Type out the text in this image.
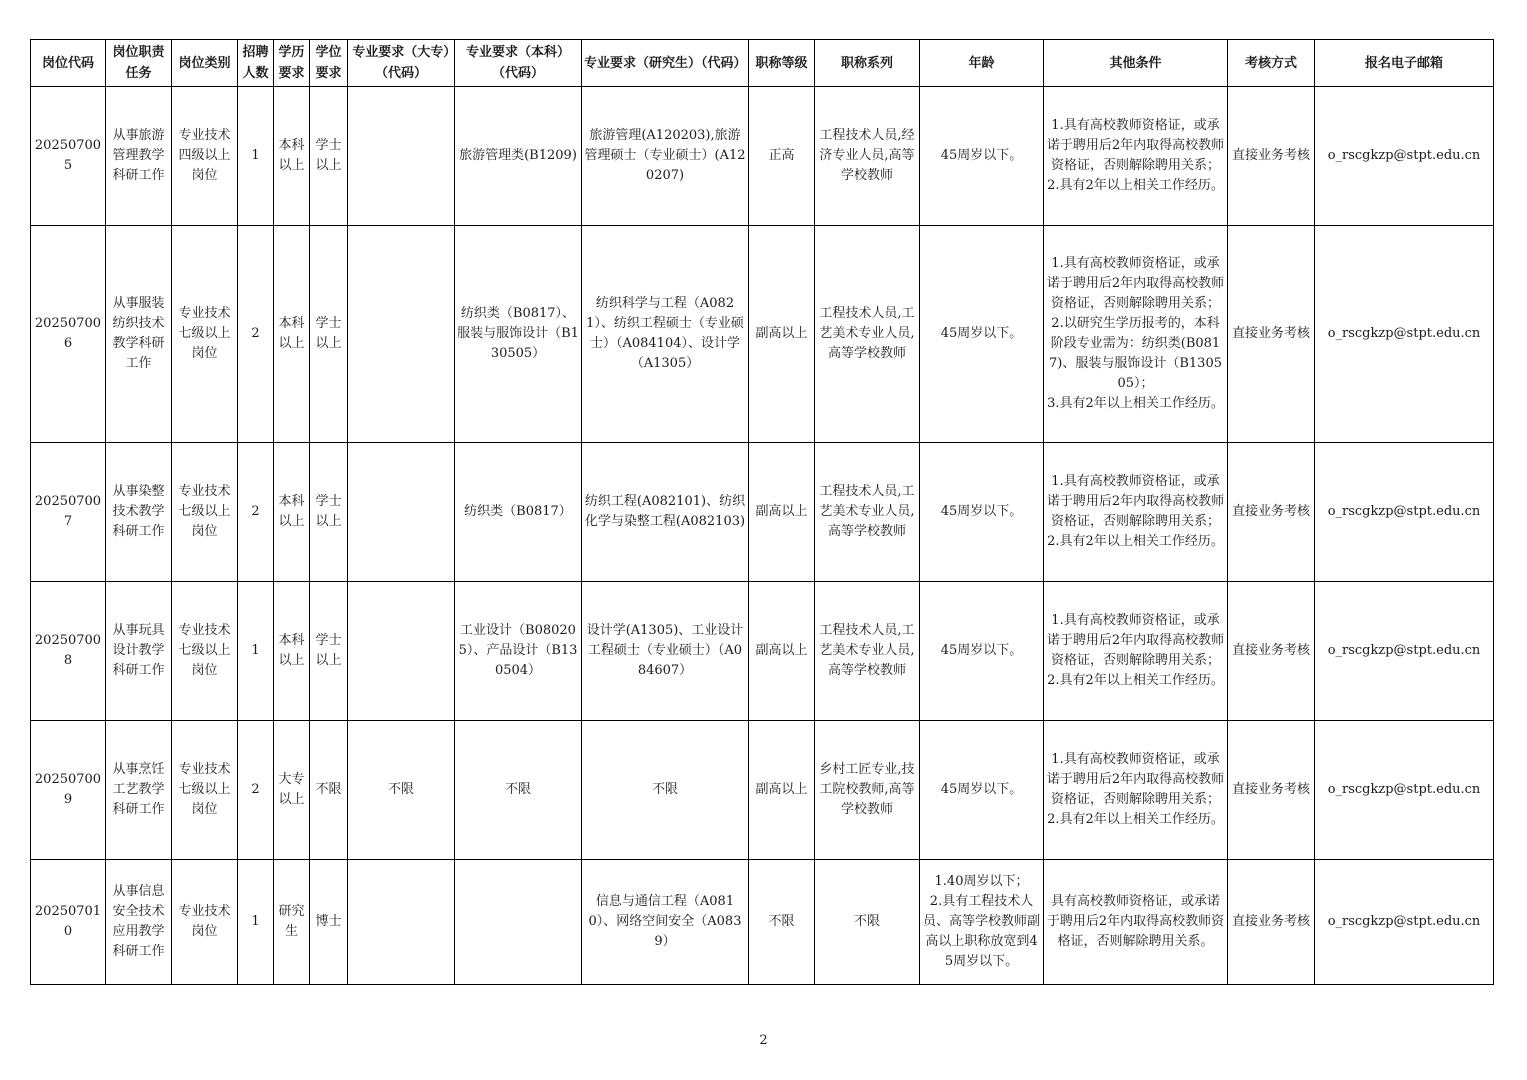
岗位代码	岗位职责任务	岗位类别	招聘人数	学历要求	学位要求	专业要求（大专）（代码）	专业要求（本科）（代码）	专业要求（研究生）（代码）	职称等级	职称系列	年龄	其他条件	考核方式	报名电子邮箱
202507005	从事旅游管理教学科研工作	专业技术四级以上岗位	1	本科以上	学士以上		旅游管理类(B1209)	旅游管理(A120203),旅游管理硕士（专业硕士）(A120207)	正高	工程技术人员,经济专业人员,高等学校教师	45周岁以下。	1.具有高校教师资格证，或承诺于聘用后2年内取得高校教师资格证，否则解除聘用关系；
2.具有2年以上相关工作经历。	直接业务考核	o_rscgkzp@stpt.edu.cn
202507006	从事服装纺织技术教学科研工作	专业技术七级以上岗位	2	本科以上	学士以上		纺织类（B0817）、服装与服饰设计（B130505）	纺织科学与工程（A0821）、纺织工程硕士（专业硕士）（A084104）、设计学（A1305）	副高以上	工程技术人员,工艺美术专业人员,高等学校教师	45周岁以下。	1.具有高校教师资格证，或承诺于聘用后2年内取得高校教师资格证，否则解除聘用关系；
2.以研究生学历报考的，本科阶段专业需为：纺织类(B0817)、服装与服饰设计（B130505）；
3.具有2年以上相关工作经历。	直接业务考核	o_rscgkzp@stpt.edu.cn
202507007	从事染整技术教学科研工作	专业技术七级以上岗位	2	本科以上	学士以上		纺织类（B0817）	纺织工程(A082101)、纺织化学与染整工程(A082103)	副高以上	工程技术人员,工艺美术专业人员,高等学校教师	45周岁以下。	1.具有高校教师资格证，或承诺于聘用后2年内取得高校教师资格证，否则解除聘用关系；
2.具有2年以上相关工作经历。	直接业务考核	o_rscgkzp@stpt.edu.cn
202507008	从事玩具设计教学科研工作	专业技术七级以上岗位	1	本科以上	学士以上		工业设计（B080205）、产品设计（B130504）	设计学(A1305)、工业设计工程硕士（专业硕士）（A084607）	副高以上	工程技术人员,工艺美术专业人员,高等学校教师	45周岁以下。	1.具有高校教师资格证，或承诺于聘用后2年内取得高校教师资格证，否则解除聘用关系；
2.具有2年以上相关工作经历。	直接业务考核	o_rscgkzp@stpt.edu.cn
202507009	从事烹饪工艺教学科研工作	专业技术七级以上岗位	2	大专以上	不限	不限	不限	不限	副高以上	乡村工匠专业,技工院校教师,高等学校教师	45周岁以下。	1.具有高校教师资格证，或承诺于聘用后2年内取得高校教师资格证，否则解除聘用关系；
2.具有2年以上相关工作经历。	直接业务考核	o_rscgkzp@stpt.edu.cn
202507010	从事信息安全技术应用教学科研工作	专业技术岗位	1	研究生	博士			信息与通信工程（A0810）、网络空间安全（A0839）	不限	不限	1.40周岁以下；
2.具有工程技术人员、高等学校教师副高以上职称放宽到45周岁以下。	具有高校教师资格证，或承诺于聘用后2年内取得高校教师资格证，否则解除聘用关系。	直接业务考核	o_rscgkzp@stpt.edu.cn
2
